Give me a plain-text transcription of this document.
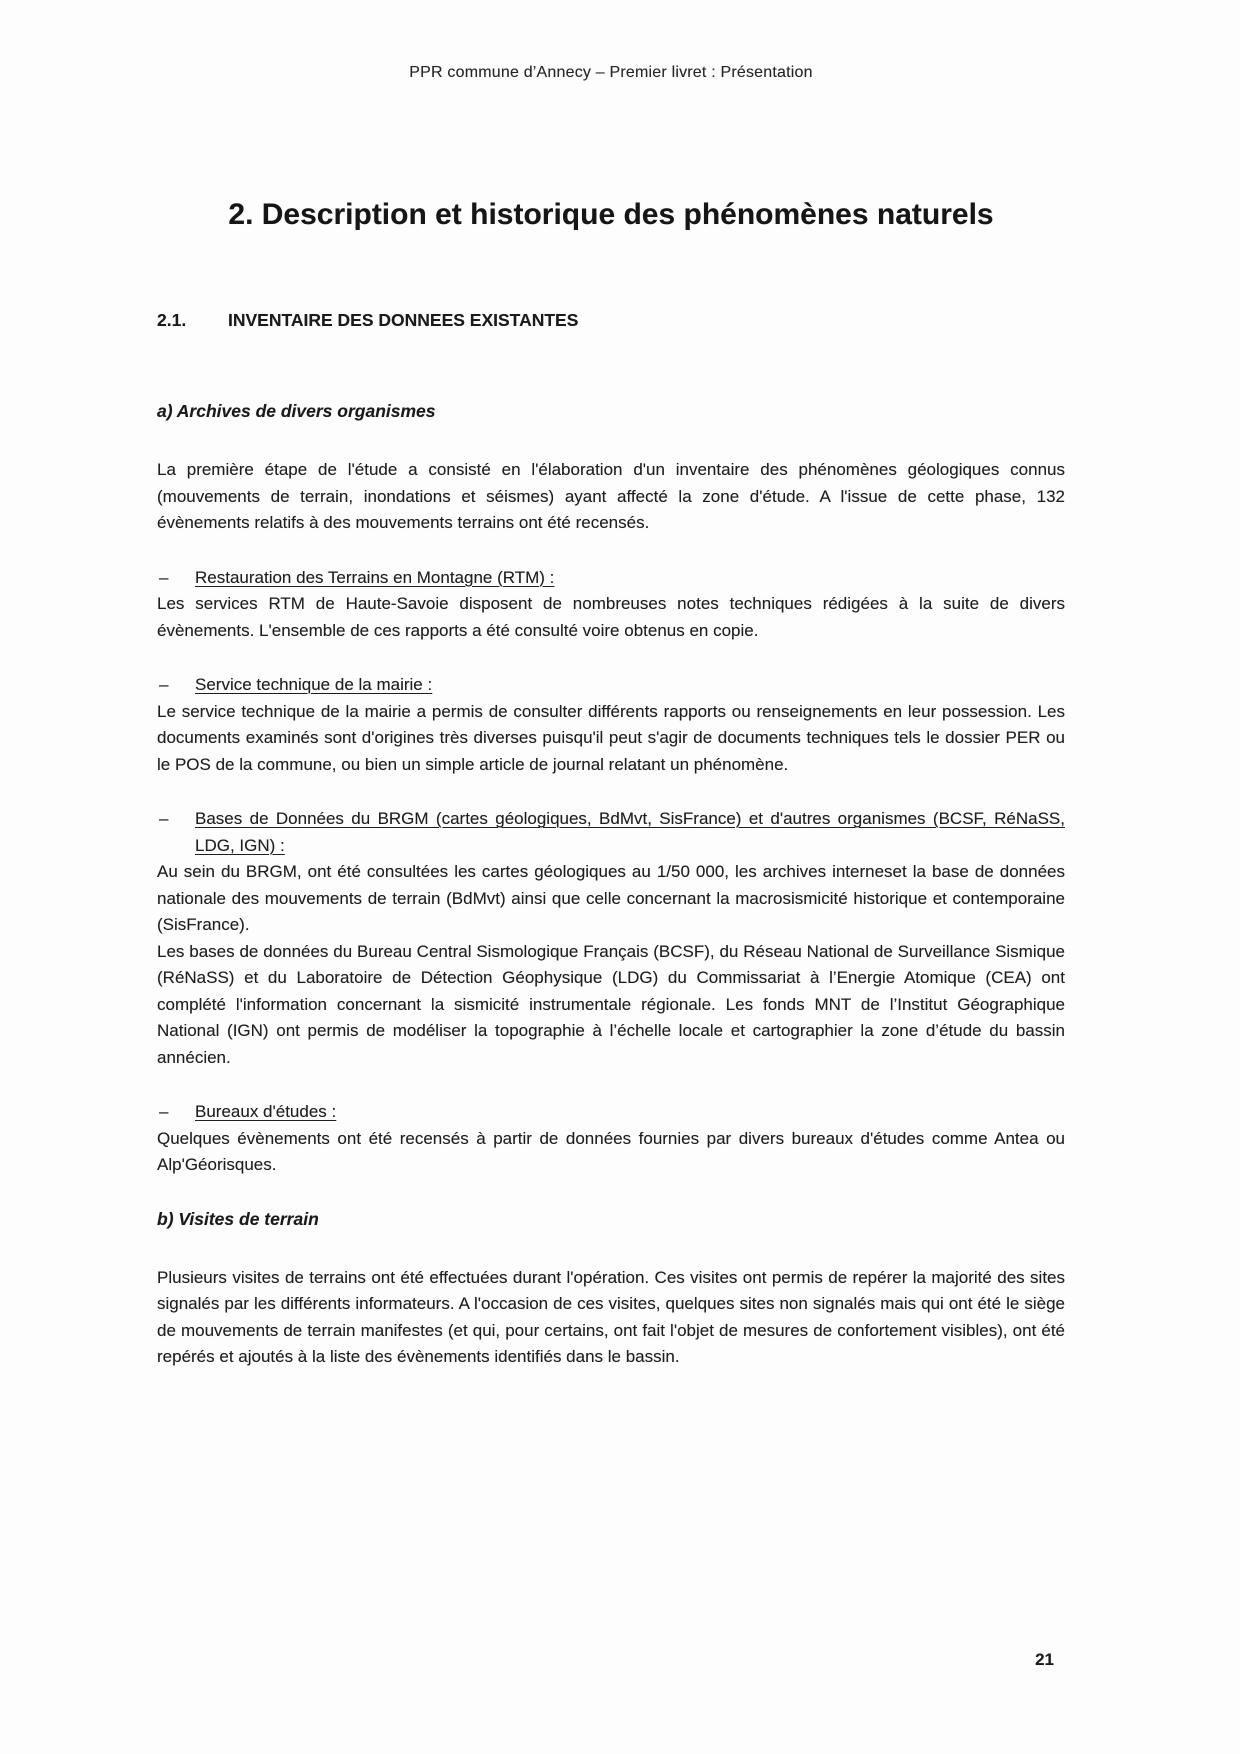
PPR commune d’Annecy – Premier livret : Présentation
2. Description et historique des phénomènes naturels
2.1. INVENTAIRE DES DONNEES EXISTANTES
a) Archives de divers organismes

La première étape de l'étude a consisté en l'élaboration d'un inventaire des phénomènes géologiques connus (mouvements de terrain, inondations et séismes) ayant affecté la zone d'étude. A l'issue de cette phase, 132 évènements relatifs à des mouvements terrains ont été recensés.

– Restauration des Terrains en Montagne (RTM) :

Les services RTM de Haute-Savoie disposent de nombreuses notes techniques rédigées à la suite de divers évènements. L'ensemble de ces rapports a été consulté voire obtenus en copie.

– Service technique de la mairie :

Le service technique de la mairie a permis de consulter différents rapports ou renseignements en leur possession. Les documents examinés sont d'origines très diverses puisqu'il peut s'agir de documents techniques tels le dossier PER ou le POS de la commune, ou bien un simple article de journal relatant un phénomène.

– Bases de Données du BRGM (cartes géologiques, BdMvt, SisFrance) et d'autres organismes (BCSF, RéNaSS, LDG, IGN) :

Au sein du BRGM, ont été consultées les cartes géologiques au 1/50 000, les archives interneset la base de données nationale des mouvements de terrain (BdMvt) ainsi que celle concernant la macrosismicité historique et contemporaine (SisFrance).

Les bases de données du Bureau Central Sismologique Français (BCSF), du Réseau National de Surveillance Sismique (RéNaSS) et du Laboratoire de Détection Géophysique (LDG) du Commissariat à l’Energie Atomique (CEA) ont complété l'information concernant la sismicité instrumentale régionale. Les fonds MNT de l’Institut Géographique National (IGN) ont permis de modéliser la topographie à l’échelle locale et cartographier la zone d’étude du bassin annécien.

– Bureaux d'études :

Quelques évènements ont été recensés à partir de données fournies par divers bureaux d'études comme Antea ou Alp'Géorisques.

b) Visites de terrain

Plusieurs visites de terrains ont été effectuées durant l'opération. Ces visites ont permis de repérer la majorité des sites signalés par les différents informateurs. A l'occasion de ces visites, quelques sites non signalés mais qui ont été le siège de mouvements de terrain manifestes (et qui, pour certains, ont fait l'objet de mesures de confortement visibles), ont été repérés et ajoutés à la liste des évènements identifiés dans le bassin.

21
